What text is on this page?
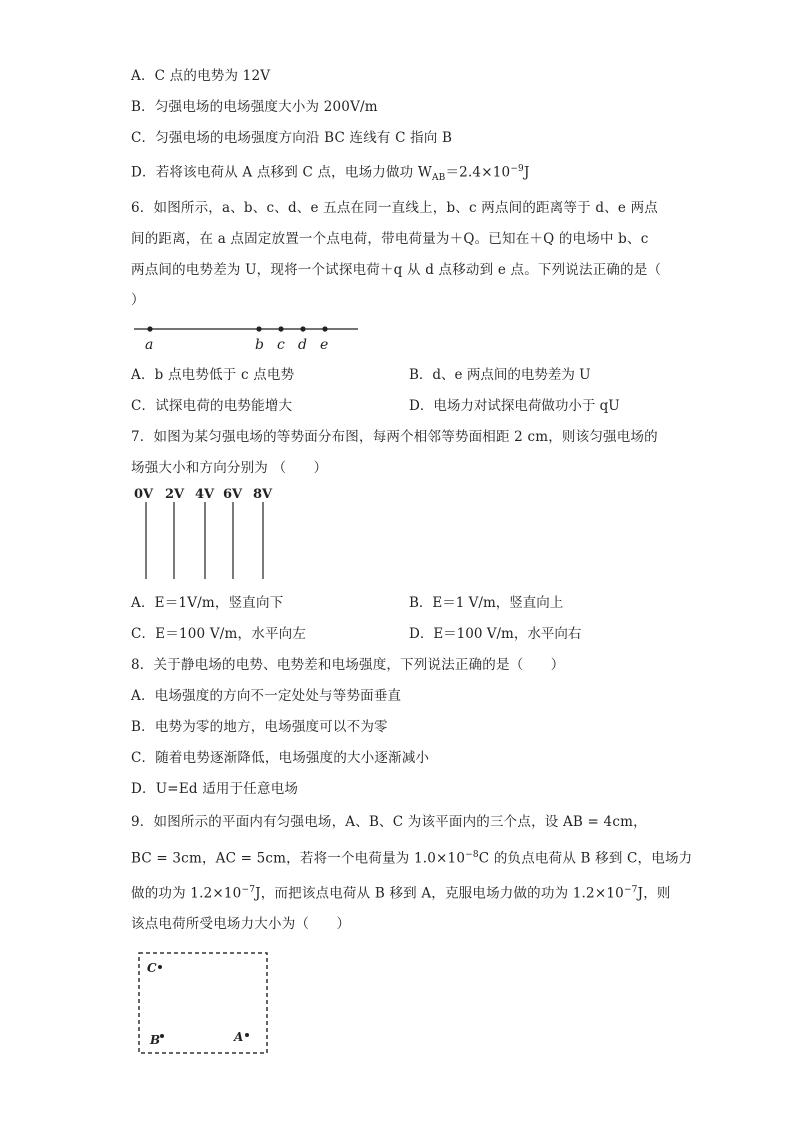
A．C 点的电势为 12V
B．匀强电场的电场强度大小为 200V/m
C．匀强电场的电场强度方向沿 BC 连线有 C 指向 B
D．若将该电荷从 A 点移到 C 点，电场力做功 $W_{AB}=2.4\times 10^{-9}J$
6．如图所示，a、b、c、d、e 五点在同一直线上，b、c 两点间的距离等于 d、e 两点
间的距离，在 a 点固定放置一个点电荷，带电荷量为＋Q。已知在＋Q 的电场中 b、c
两点间的电势差为 U，现将一个试探电荷＋q 从 d 点移动到 e 点。下列说法正确的是（
）
a	b c d e
A．b 点电势低于 c 点电势	B．d、e 两点间的电势差为 U
C．试探电荷的电势能增大	D．电场力对试探电荷做功小于 qU
7．如图为某匀强电场的等势面分布图，每两个相邻等势面相距 2 cm，则该匀强电场的
场强大小和方向分别为 （　　）
0V 2V 4V 6V 8V
A．E＝1V/m，竖直向下	B．E＝1 V/m，竖直向上
C．E＝100 V/m，水平向左	D．E＝100 V/m，水平向右
8．关于静电场的电势、电势差和电场强度，下列说法正确的是（　　）
A．电场强度的方向不一定处处与等势面垂直
B．电势为零的地方，电场强度可以不为零
C．随着电势逐渐降低，电场强度的大小逐渐减小
D．U=Ed 适用于任意电场
9．如图所示的平面内有匀强电场，A、B、C 为该平面内的三个点，设 AB = 4cm，
BC = 3cm，AC = 5cm，若将一个电荷量为 $1.0\times 10^{-8}C$ 的负点电荷从 B 移到 C，电场力
做的功为 $1.2\times 10^{-7}J$，而把该点电荷从 B 移到 A，克服电场力做的功为 $1.2\times 10^{-7}J$，则
该点电荷所受电场力大小为（　　）
C
B	A
